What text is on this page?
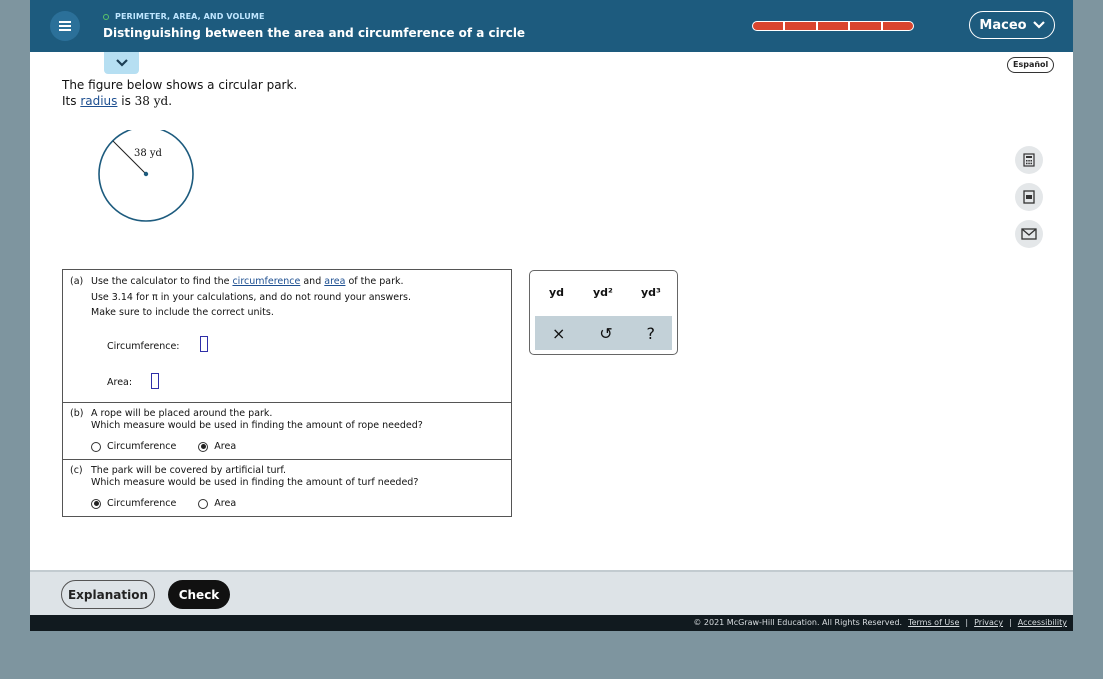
PERIMETER, AREA, AND VOLUME
Distinguishing between the area and circumference of a circle
Maceo
Español
The figure below shows a circular park.
Its radius is 38 yd.
38 yd
(a) Use the calculator to find the circumference and area of the park.
Use 3.14 for π in your calculations, and do not round your answers.
Make sure to include the correct units.
Circumference:
Area:
(b) A rope will be placed around the park.
Which measure would be used in finding the amount of rope needed?
Circumference	Area
(c) The park will be covered by artificial turf.
Which measure would be used in finding the amount of turf needed?
Circumference	Area
yd	yd²	yd³
× ↺ ?
Explanation	Check
© 2021 McGraw-Hill Education. All Rights Reserved. Terms of Use | Privacy | Accessibility
